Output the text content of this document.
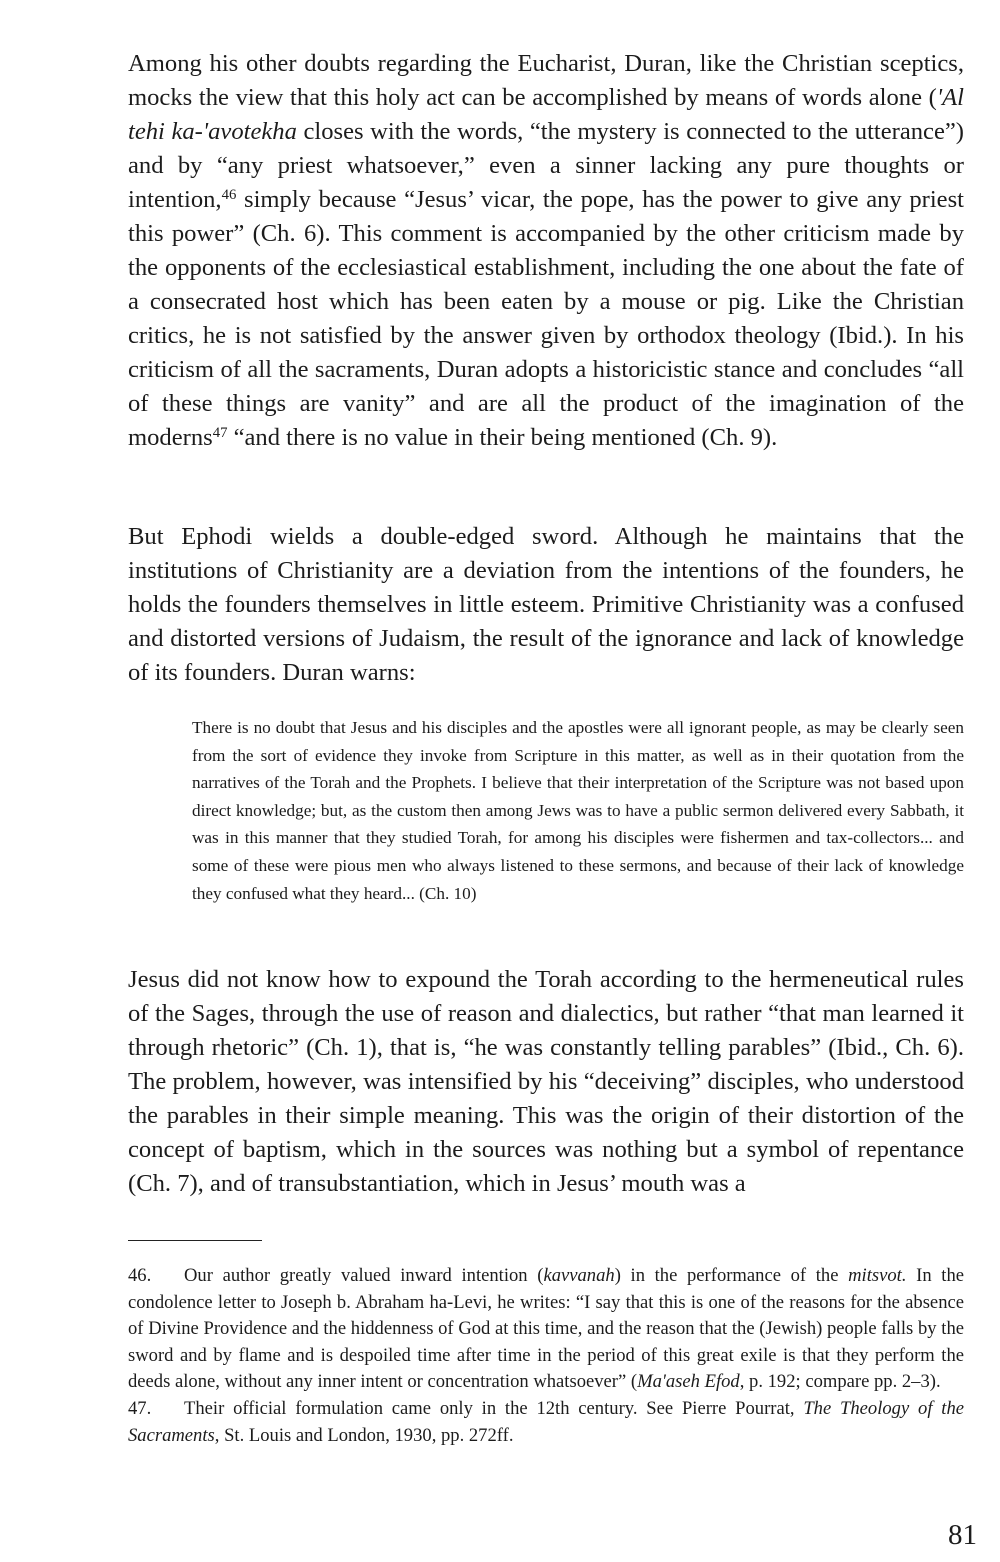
Among his other doubts regarding the Eucharist, Duran, like the Christian sceptics, mocks the view that this holy act can be accomplished by means of words alone ('Al tehi ka-'avotekha closes with the words, “the mystery is connected to the utterance”) and by “any priest whatsoever,” even a sinner lacking any pure thoughts or intention,$^{46}$ simply because “Jesus’ vicar, the pope, has the power to give any priest this power” (Ch. 6). This comment is accompanied by the other criticism made by the opponents of the ecclesiastical establishment, including the one about the fate of a consecrated host which has been eaten by a mouse or pig. Like the Christian critics, he is not satisfied by the answer given by orthodox theology (Ibid.). In his criticism of all the sacraments, Duran adopts a historicistic stance and concludes “all of these things are vanity” and are all the product of the imagination of the moderns$^{47}$ “and there is no value in their being mentioned (Ch. 9).

But Ephodi wields a double-edged sword. Although he maintains that the institutions of Christianity are a deviation from the intentions of the founders, he holds the founders themselves in little esteem. Primitive Christianity was a confused and distorted versions of Judaism, the result of the ignorance and lack of knowledge of its founders. Duran warns:

There is no doubt that Jesus and his disciples and the apostles were all ignorant people, as may be clearly seen from the sort of evidence they invoke from Scripture in this matter, as well as in their quotation from the narratives of the Torah and the Prophets. I believe that their interpretation of the Scripture was not based upon direct knowledge; but, as the custom then among Jews was to have a public sermon delivered every Sabbath, it was in this manner that they studied Torah, for among his disciples were fishermen and tax-collectors... and some of these were pious men who always listened to these sermons, and because of their lack of knowledge they confused what they heard... (Ch. 10)

Jesus did not know how to expound the Torah according to the hermeneutical rules of the Sages, through the use of reason and dialectics, but rather “that man learned it through rhetoric” (Ch. 1), that is, “he was constantly telling parables” (Ibid., Ch. 6). The problem, however, was intensified by his “deceiving” disciples, who understood the parables in their simple meaning. This was the origin of their distortion of the concept of baptism, which in the sources was nothing but a symbol of repentance (Ch. 7), and of transubstantiation, which in Jesus’ mouth was a

46. Our author greatly valued inward intention (kavvanah) in the performance of the mitsvot. In the condolence letter to Joseph b. Abraham ha-Levi, he writes: “I say that this is one of the reasons for the absence of Divine Providence and the hiddenness of God at this time, and the reason that the (Jewish) people falls by the sword and by flame and is despoiled time after time in the period of this great exile is that they perform the deeds alone, without any inner intent or concentration whatsoever” (Ma'aseh Efod, p. 192; compare pp. 2–3).

47. Their official formulation came only in the 12th century. See Pierre Pourrat, The Theology of the Sacraments, St. Louis and London, 1930, pp. 272ff.

81
